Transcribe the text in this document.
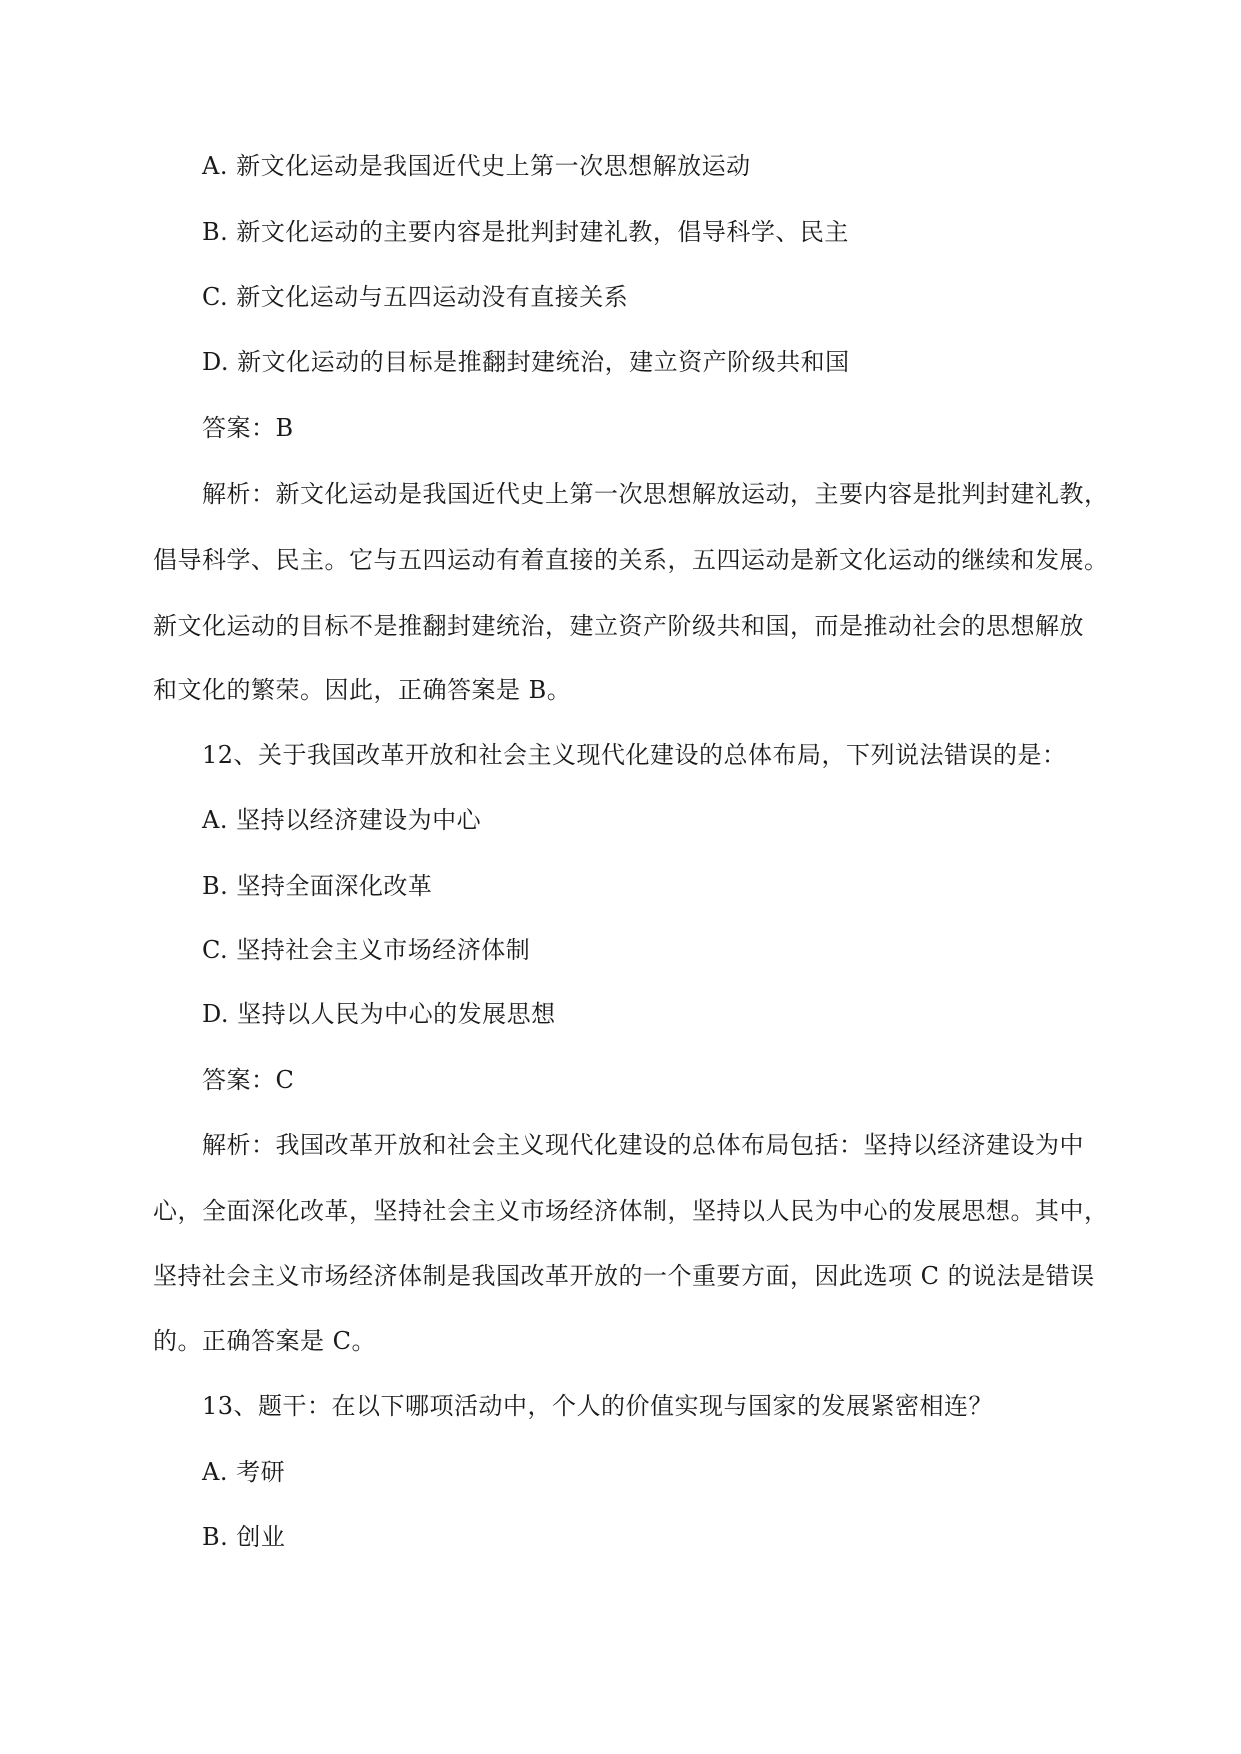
A. 新文化运动是我国近代史上第一次思想解放运动
B. 新文化运动的主要内容是批判封建礼教，倡导科学、民主
C. 新文化运动与五四运动没有直接关系
D. 新文化运动的目标是推翻封建统治，建立资产阶级共和国
答案：B
解析：新文化运动是我国近代史上第一次思想解放运动，主要内容是批判封建礼教，
倡导科学、民主。它与五四运动有着直接的关系，五四运动是新文化运动的继续和发展。
新文化运动的目标不是推翻封建统治，建立资产阶级共和国，而是推动社会的思想解放
和文化的繁荣。因此，正确答案是 B。
12、关于我国改革开放和社会主义现代化建设的总体布局，下列说法错误的是：
A. 坚持以经济建设为中心
B. 坚持全面深化改革
C. 坚持社会主义市场经济体制
D. 坚持以人民为中心的发展思想
答案：C
解析：我国改革开放和社会主义现代化建设的总体布局包括：坚持以经济建设为中
心，全面深化改革，坚持社会主义市场经济体制，坚持以人民为中心的发展思想。其中，
坚持社会主义市场经济体制是我国改革开放的一个重要方面，因此选项 C 的说法是错误
的。正确答案是 C。
13、题干：在以下哪项活动中，个人的价值实现与国家的发展紧密相连？
A. 考研
B. 创业
